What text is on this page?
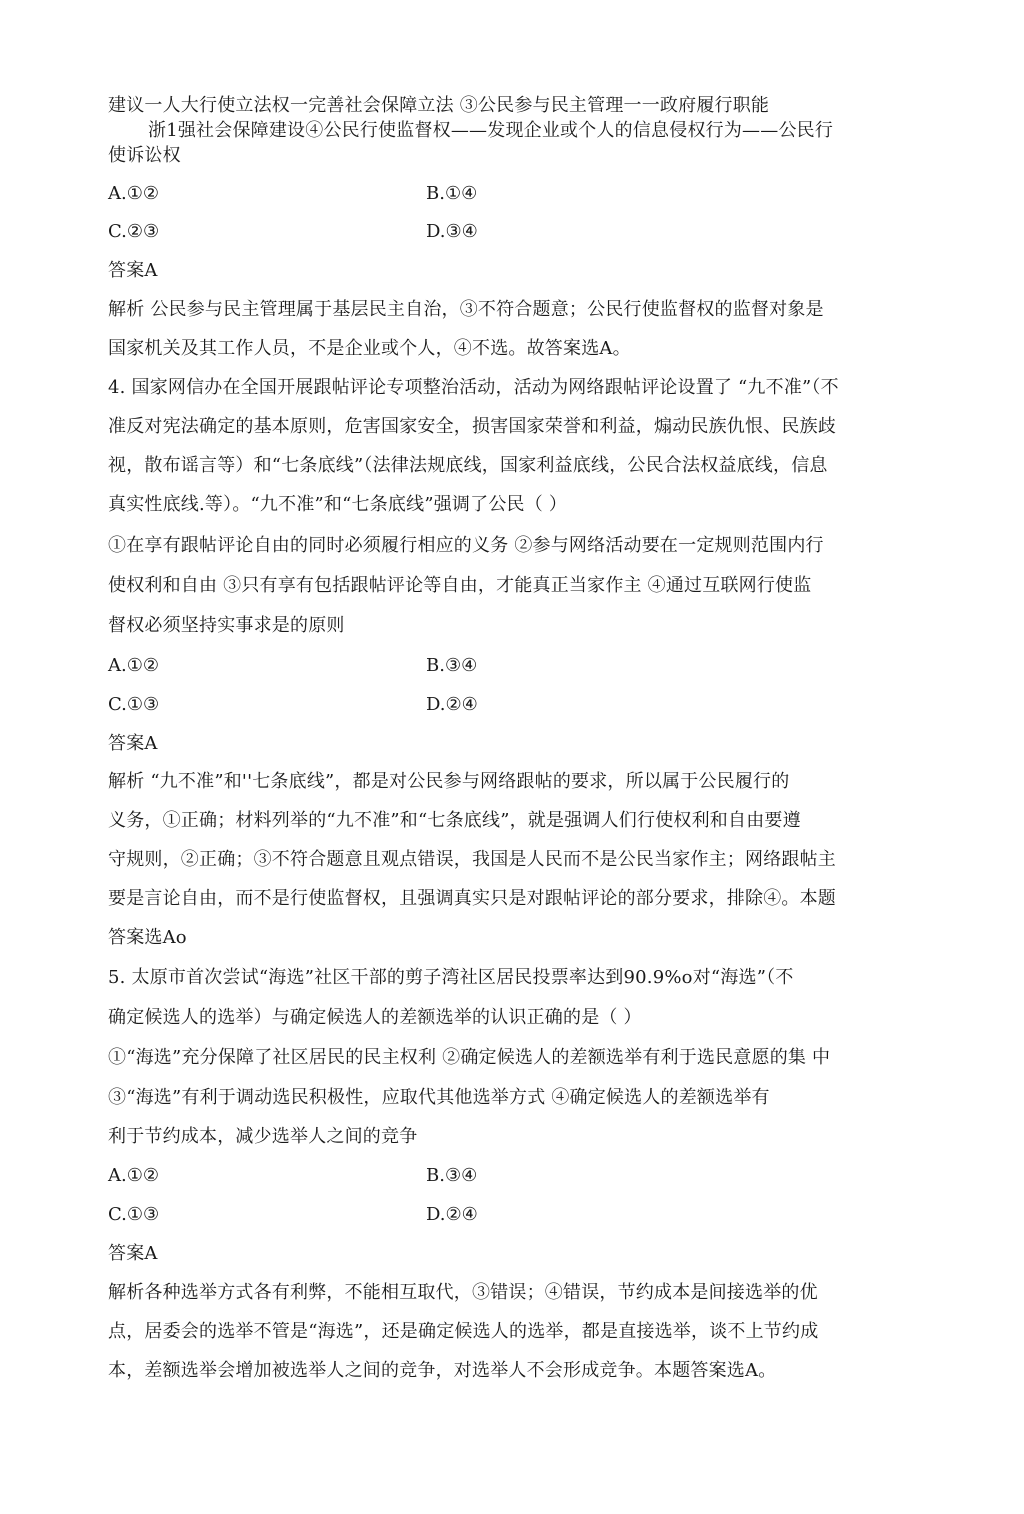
建议一人大行使立法权一完善社会保障立法 ③公民参与民主管理一一政府履行职能
浙1强社会保障建设④公民行使监督权——发现企业或个人的信息侵权行为——公民行
使诉讼权
A.①②	B.①④
C.②③	D.③④
答案A
解析 公民参与民主管理属于基层民主自治，③不符合题意；公民行使监督权的监督对象是
国家机关及其工作人员，不是企业或个人，④不选。故答案选A。
4. 国家网信办在全国开展跟帖评论专项整治活动，活动为网络跟帖评论设置了 “九不准”（不
准反对宪法确定的基本原则，危害国家安全，损害国家荣誉和利益，煽动民族仇恨、民族歧
视，散布谣言等）和“七条底线”（法律法规底线，国家利益底线，公民合法权益底线，信息
真实性底线.等）。“九不准”和“七条底线”强调了公民（ ）
①在享有跟帖评论自由的同时必须履行相应的义务 ②参与网络活动要在一定规则范围内行
使权利和自由 ③只有享有包括跟帖评论等自由，才能真正当家作主 ④通过互联网行使监
督权必须坚持实事求是的原则
A.①②	B.③④
C.①③	D.②④
答案A
解析 “九不准”和''七条底线”，都是对公民参与网络跟帖的要求，所以属于公民履行的
义务，①正确；材料列举的“九不准”和“七条底线”，就是强调人们行使权利和自由要遵
守规则，②正确；③不符合题意且观点错误，我国是人民而不是公民当家作主；网络跟帖主
要是言论自由，而不是行使监督权，且强调真实只是对跟帖评论的部分要求，排除④。本题
答案选Ao
5. 太原市首次尝试“海选”社区干部的剪子湾社区居民投票率达到90.9%o对“海选”（不
确定候选人的选举）与确定候选人的差额选举的认识正确的是（ ）
①“海选”充分保障了社区居民的民主权利 ②确定候选人的差额选举有利于选民意愿的集 中
③“海选”有利于调动选民积极性，应取代其他选举方式 ④确定候选人的差额选举有
利于节约成本，减少选举人之间的竞争
A.①②	B.③④
C.①③	D.②④
答案A
解析各种选举方式各有利弊，不能相互取代，③错误；④错误，节约成本是间接选举的优
点，居委会的选举不管是“海选”，还是确定候选人的选举，都是直接选举，谈不上节约成
本，差额选举会增加被选举人之间的竞争，对选举人不会形成竞争。本题答案选A。
